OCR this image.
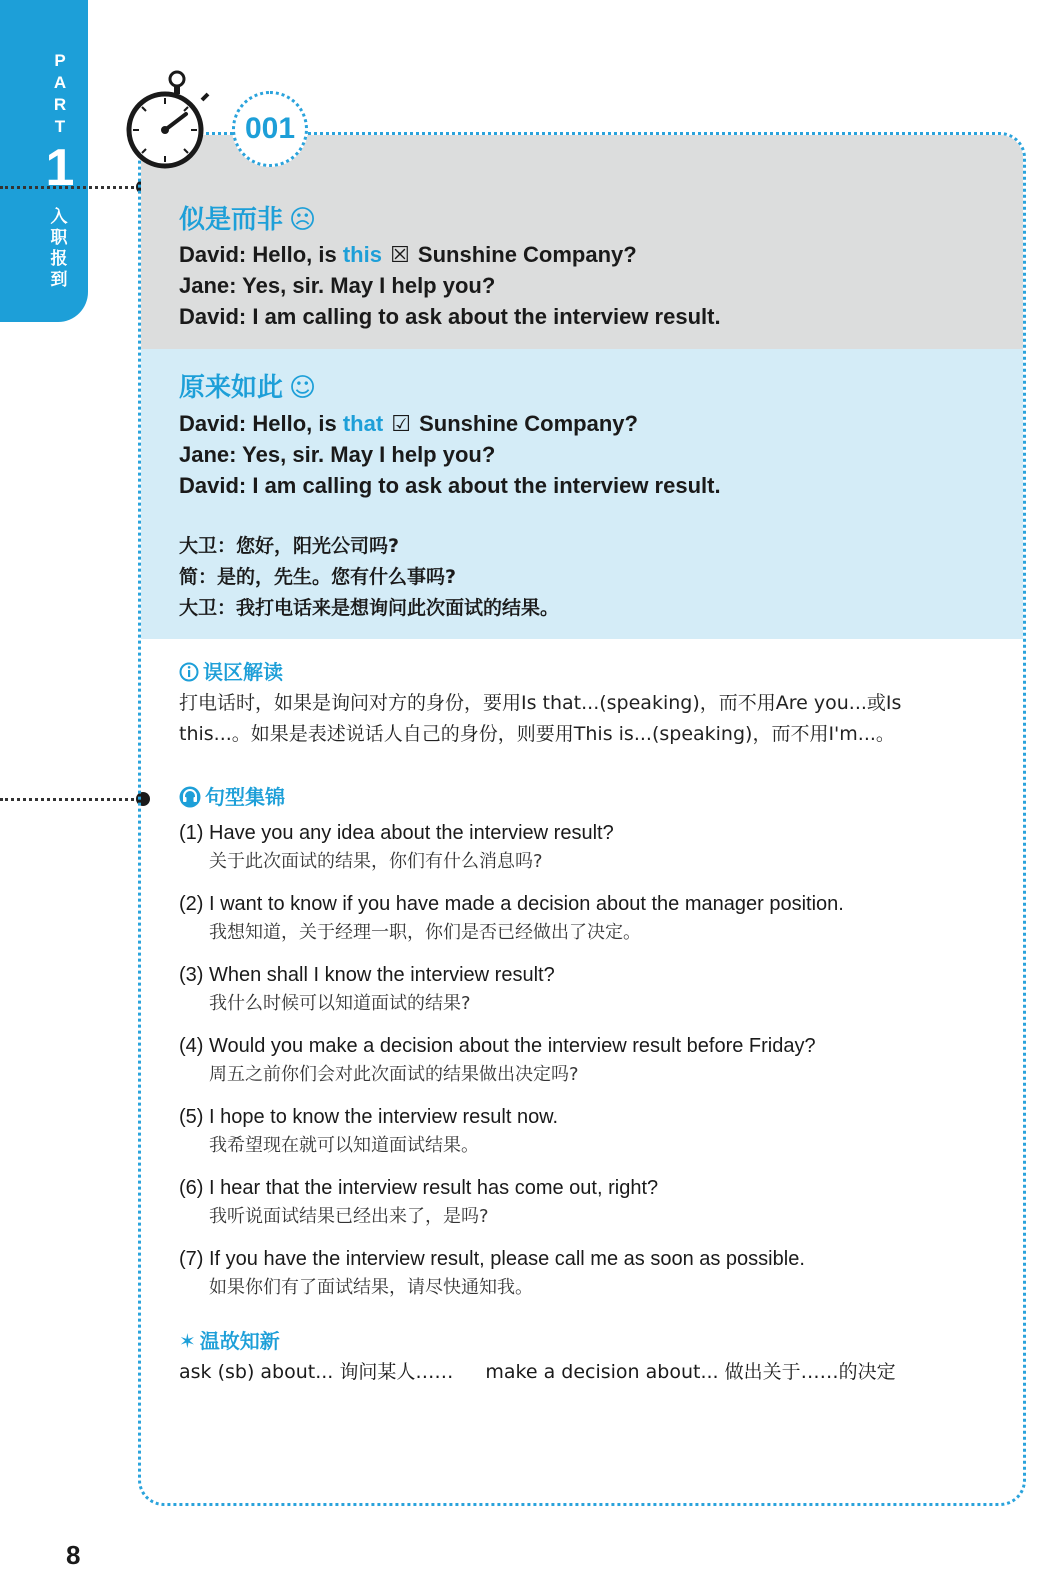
P
A
R
T
1
入
职
报
到
似是而非 ☹
David: Hello, is this ☒ Sunshine Company?
Jane: Yes, sir. May I help you?
David: I am calling to ask about the interview result.
原来如此 ☺
David: Hello, is that ☑ Sunshine Company?
Jane: Yes, sir. May I help you?
David: I am calling to ask about the interview result.
大卫：您好，阳光公司吗?
简：是的，先生。您有什么事吗?
大卫：我打电话来是想询问此次面试的结果。
误区解读
打电话时，如果是询问对方的身份，要用Is that...(speaking)，而不用Are you...或Is
this...。如果是表述说话人自己的身份，则要用This is...(speaking)，而不用I'm...。
句型集锦
(1) Have you any idea about the interview result?
关于此次面试的结果，你们有什么消息吗?
(2) I want to know if you have made a decision about the manager position.
我想知道，关于经理一职，你们是否已经做出了决定。
(3) When shall I know the interview result?
我什么时候可以知道面试的结果?
(4) Would you make a decision about the interview result before Friday?
周五之前你们会对此次面试的结果做出决定吗?
(5) I hope to know the interview result now.
我希望现在就可以知道面试结果。
(6) I hear that the interview result has come out, right?
我听说面试结果已经出来了，是吗?
(7) If you have the interview result, please call me as soon as possible.
如果你们有了面试结果，请尽快通知我。
✶ 温故知新
ask (sb) about... 询问某人…… make a decision about... 做出关于……的决定
001
8
